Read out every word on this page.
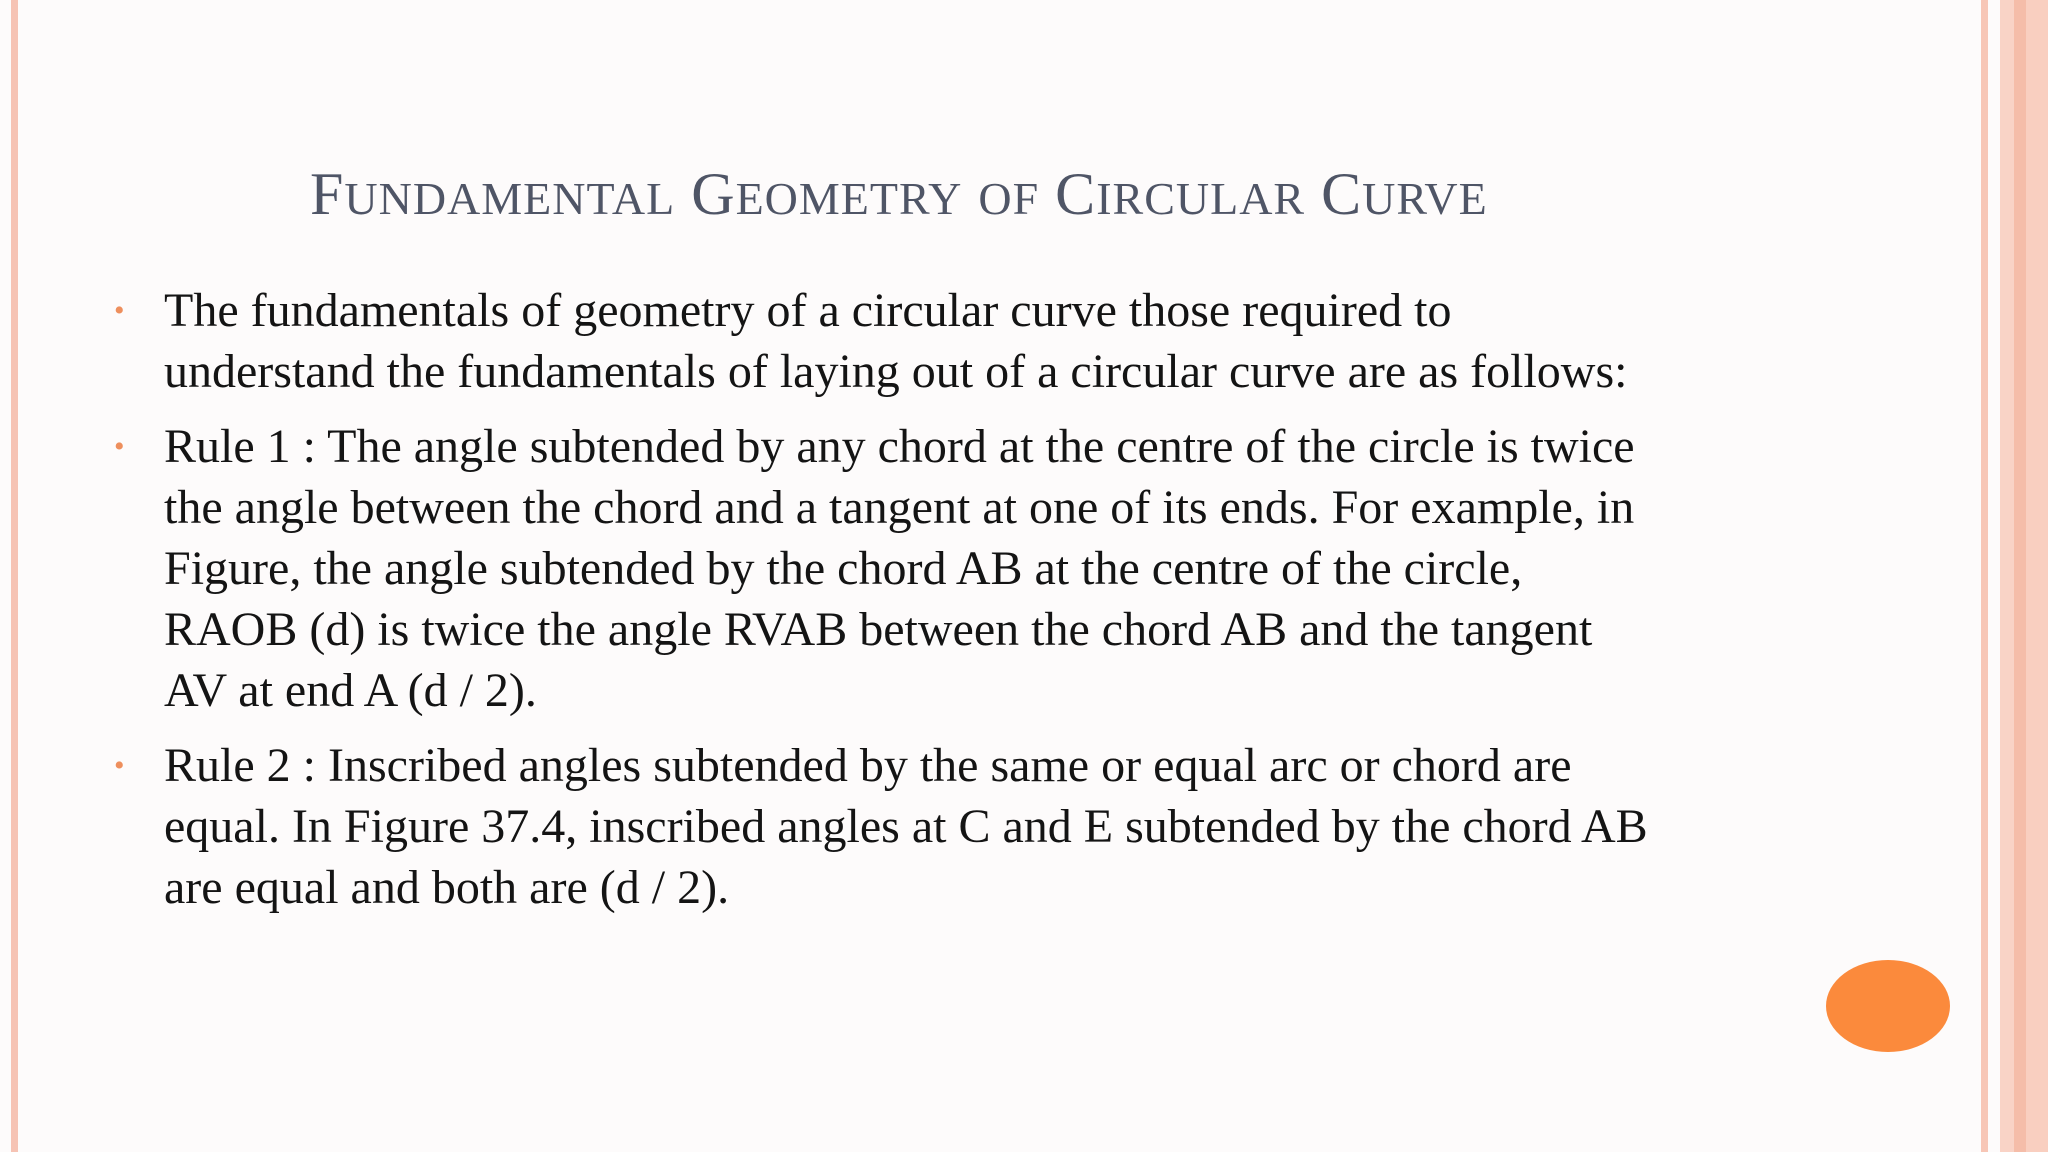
FUNDAMENTAL GEOMETRY OF CIRCULAR CURVE
• The fundamentals of geometry of a circular curve those required to
understand the fundamentals of laying out of a circular curve are as follows:
• Rule 1 : The angle subtended by any chord at the centre of the circle is twice
the angle between the chord and a tangent at one of its ends. For example, in
Figure, the angle subtended by the chord AB at the centre of the circle,
RAOB (d) is twice the angle RVAB between the chord AB and the tangent
AV at end A (d / 2).
• Rule 2 : Inscribed angles subtended by the same or equal arc or chord are
equal. In Figure 37.4, inscribed angles at C and E subtended by the chord AB
are equal and both are (d / 2).
